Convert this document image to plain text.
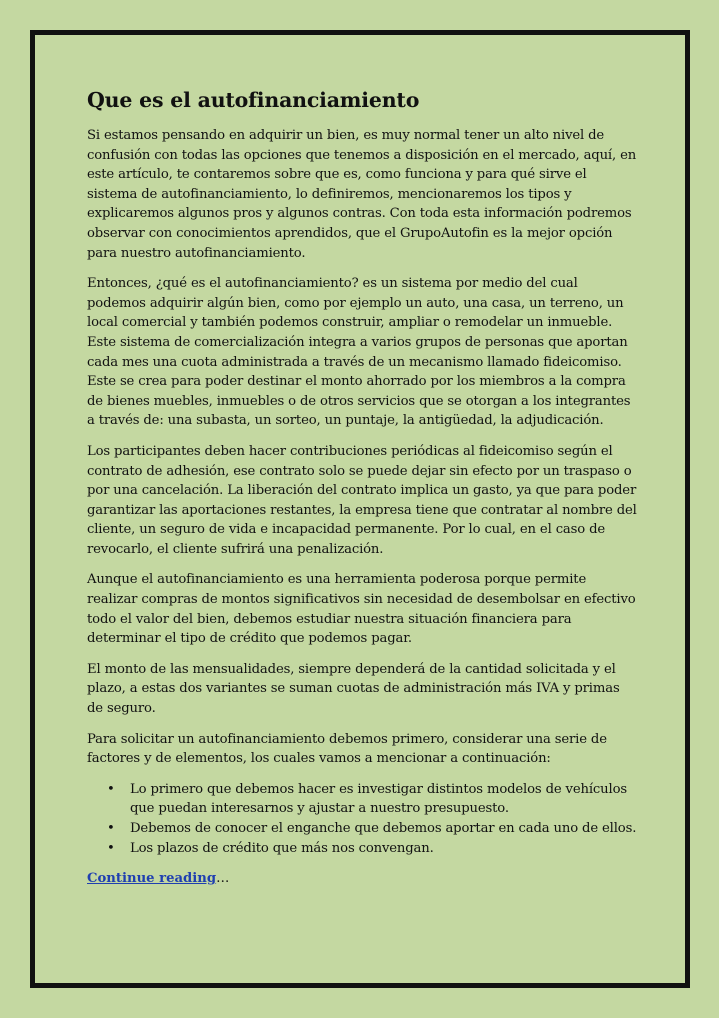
Que es el autofinanciamiento

Si estamos pensando en adquirir un bien, es muy normal tener un alto nivel de confusión con todas las opciones que tenemos a disposición en el mercado, aquí, en este artículo, te contaremos sobre que es, como funciona y para qué sirve el sistema de autofinanciamiento, lo definiremos, mencionaremos los tipos y explicaremos algunos pros y algunos contras. Con toda esta información podremos observar con conocimientos aprendidos, que el GrupoAutofin es la mejor opción para nuestro autofinanciamiento.

Entonces, ¿qué es el autofinanciamiento? es un sistema por medio del cual podemos adquirir algún bien, como por ejemplo un auto, una casa, un terreno, un local comercial y también podemos construir, ampliar o remodelar un inmueble. Este sistema de comercialización integra a varios grupos de personas que aportan cada mes una cuota administrada a través de un mecanismo llamado fideicomiso. Este se crea para poder destinar el monto ahorrado por los miembros a la compra de bienes muebles, inmuebles o de otros servicios que se otorgan a los integrantes a través de: una subasta, un sorteo, un puntaje, la antigüedad, la adjudicación.

Los participantes deben hacer contribuciones periódicas al fideicomiso según el contrato de adhesión, ese contrato solo se puede dejar sin efecto por un traspaso o por una cancelación. La liberación del contrato implica un gasto, ya que para poder garantizar las aportaciones restantes, la empresa tiene que contratar al nombre del cliente, un seguro de vida e incapacidad permanente. Por lo cual, en el caso de revocarlo, el cliente sufrirá una penalización.

Aunque el autofinanciamiento es una herramienta poderosa porque permite realizar compras de montos significativos sin necesidad de desembolsar en efectivo todo el valor del bien, debemos estudiar nuestra situación financiera para determinar el tipo de crédito que podemos pagar.

El monto de las mensualidades, siempre dependerá de la cantidad solicitada y el plazo, a estas dos variantes se suman cuotas de administración más IVA y primas de seguro.

Para solicitar un autofinanciamiento debemos primero, considerar una serie de factores y de elementos, los cuales vamos a mencionar a continuación:

• Lo primero que debemos hacer es investigar distintos modelos de vehículos que puedan interesarnos y ajustar a nuestro presupuesto.
• Debemos de conocer el enganche que debemos aportar en cada uno de ellos.
• Los plazos de crédito que más nos convengan.
Continue reading…
